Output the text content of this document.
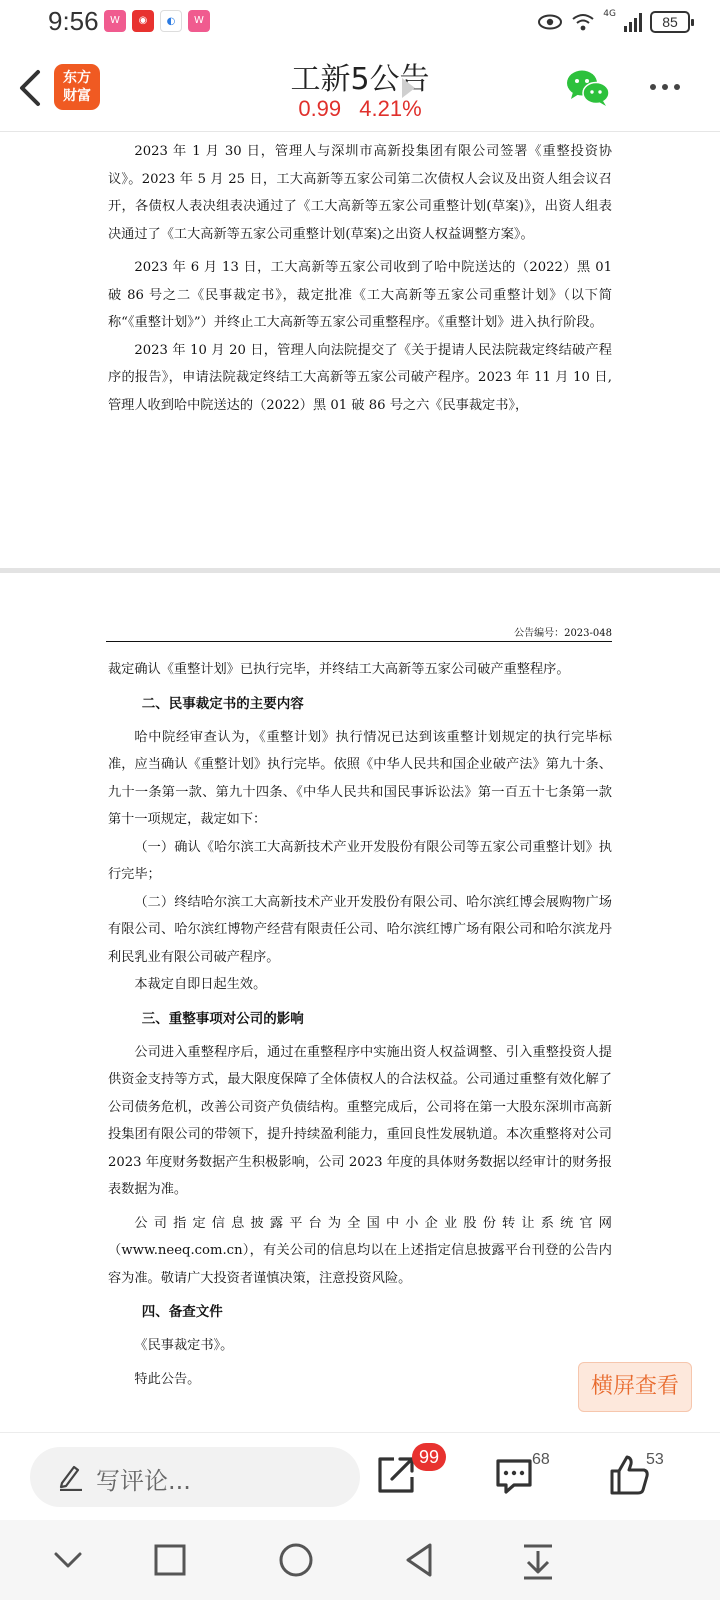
9:56	W	◉	◐	W
4G	85
东方
财富	工新5公告
0.99 4.21%

2023 年 1 月 30 日，管理人与深圳市高新投集团有限公司签署《重整投资协议》。2023 年 5 月 25 日，工大高新等五家公司第二次债权人会议及出资人组会议召开，各债权人表决组表决通过了《工大高新等五家公司重整计划(草案)》，出资人组表决通过了《工大高新等五家公司重整计划(草案)之出资人权益调整方案》。

2023 年 6 月 13 日，工大高新等五家公司收到了哈中院送达的（2022）黑 01 破 86 号之二《民事裁定书》，裁定批准《工大高新等五家公司重整计划》（以下简称“《重整计划》”）并终止工大高新等五家公司重整程序。《重整计划》进入执行阶段。

2023 年 10 月 20 日，管理人向法院提交了《关于提请人民法院裁定终结破产程序的报告》，申请法院裁定终结工大高新等五家公司破产程序。2023 年 11 月 10 日,管理人收到哈中院送达的（2022）黑 01 破 86 号之六《民事裁定书》，

公告编号：2023-048

裁定确认《重整计划》已执行完毕，并终结工大高新等五家公司破产重整程序。

二、民事裁定书的主要内容

哈中院经审查认为，《重整计划》执行情况已达到该重整计划规定的执行完毕标准，应当确认《重整计划》执行完毕。依照《中华人民共和国企业破产法》第九十条、九十一条第一款、第九十四条、《中华人民共和国民事诉讼法》第一百五十七条第一款第十一项规定，裁定如下：

（一）确认《哈尔滨工大高新技术产业开发股份有限公司等五家公司重整计划》执行完毕；

（二）终结哈尔滨工大高新技术产业开发股份有限公司、哈尔滨红博会展购物广场有限公司、哈尔滨红博物产经营有限责任公司、哈尔滨红博广场有限公司和哈尔滨龙丹利民乳业有限公司破产程序。

本裁定自即日起生效。

三、重整事项对公司的影响

公司进入重整程序后，通过在重整程序中实施出资人权益调整、引入重整投资人提供资金支持等方式，最大限度保障了全体债权人的合法权益。公司通过重整有效化解了公司债务危机，改善公司资产负债结构。重整完成后，公司将在第一大股东深圳市高新投集团有限公司的带领下，提升持续盈利能力，重回良性发展轨道。本次重整将对公司 2023 年度财务数据产生积极影响，公司 2023 年度的具体财务数据以经审计的财务报表数据为准。

公司指定信息披露平台为全国中小企业股份转让系统官网（www.neeq.com.cn），有关公司的信息均以在上述指定信息披露平台刊登的公告内容为准。敬请广大投资者谨慎决策，注意投资风险。

四、备查文件

《民事裁定书》。

特此公告。	横屏查看
写评论...
99	68	53
